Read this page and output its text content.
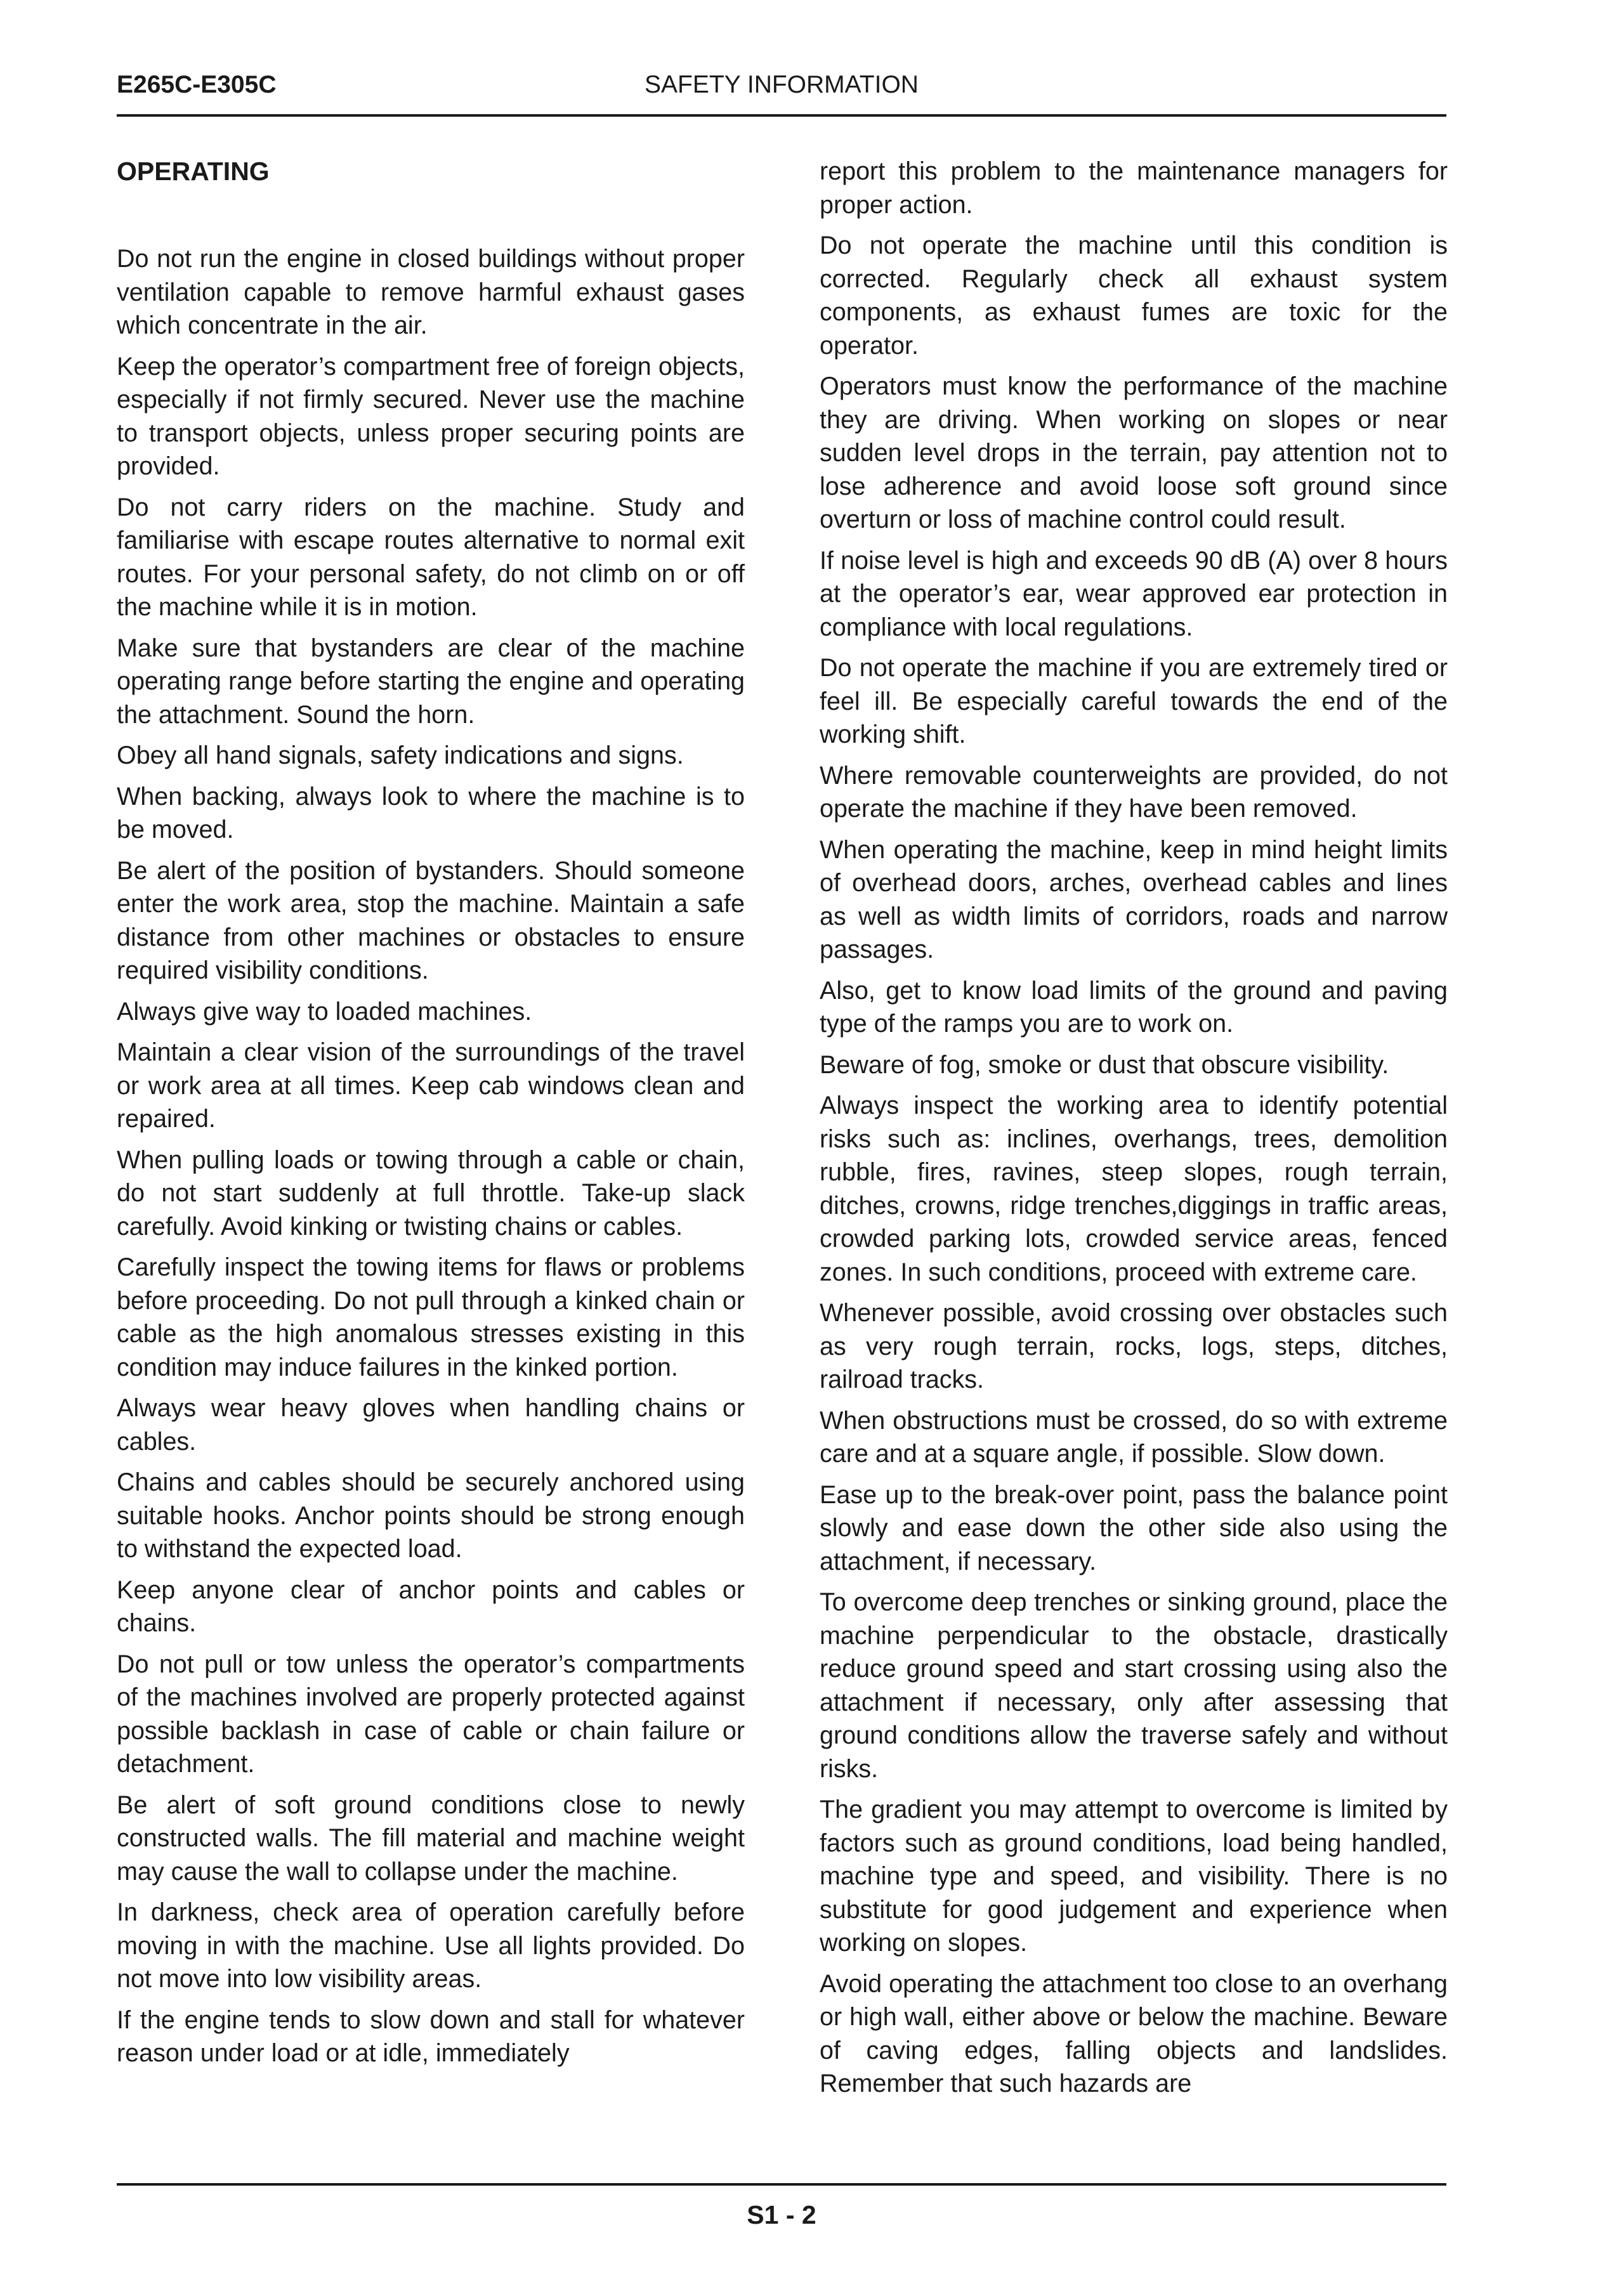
E265C-E305C	SAFETY INFORMATION
OPERATING

Do not run the engine in closed buildings without proper ventilation capable to remove harmful exhaust gases which concentrate in the air.

Keep the operator’s compartment free of foreign objects, especially if not firmly secured. Never use the machine to transport objects, unless proper securing points are provided.

Do not carry riders on the machine. Study and familiarise with escape routes alternative to normal exit routes. For your personal safety, do not climb on or off the machine while it is in motion.

Make sure that bystanders are clear of the machine operating range before starting the engine and operating the attachment. Sound the horn.

Obey all hand signals, safety indications and signs.

When backing, always look to where the machine is to be moved.

Be alert of the position of bystanders. Should someone enter the work area, stop the machine. Maintain a safe distance from other machines or obstacles to ensure required visibility conditions.

Always give way to loaded machines.

Maintain a clear vision of the surroundings of the travel or work area at all times. Keep cab windows clean and repaired.

When pulling loads or towing through a cable or chain, do not start suddenly at full throttle. Take-up slack carefully. Avoid kinking or twisting chains or cables.

Carefully inspect the towing items for flaws or problems before proceeding. Do not pull through a kinked chain or cable as the high anomalous stresses existing in this condition may induce failures in the kinked portion.

Always wear heavy gloves when handling chains or cables.

Chains and cables should be securely anchored using suitable hooks. Anchor points should be strong enough to withstand the expected load.

Keep anyone clear of anchor points and cables or chains.

Do not pull or tow unless the operator’s compartments of the machines involved are properly protected against possible backlash in case of cable or chain failure or detachment.

Be alert of soft ground conditions close to newly constructed walls. The fill material and machine weight may cause the wall to collapse under the machine.

In darkness, check area of operation carefully before moving in with the machine. Use all lights provided. Do not move into low visibility areas.

If the engine tends to slow down and stall for whatever reason under load or at idle, immediately

report this problem to the maintenance managers for proper action.

Do not operate the machine until this condition is corrected. Regularly check all exhaust system components, as exhaust fumes are toxic for the operator.

Operators must know the performance of the machine they are driving. When working on slopes or near sudden level drops in the terrain, pay attention not to lose adherence and avoid loose soft ground since overturn or loss of machine control could result.

If noise level is high and exceeds 90 dB (A) over 8 hours at the operator’s ear, wear approved ear protection in compliance with local regulations.

Do not operate the machine if you are extremely tired or feel ill. Be especially careful towards the end of the working shift.

Where removable counterweights are provided, do not operate the machine if they have been removed.

When operating the machine, keep in mind height limits of overhead doors, arches, overhead cables and lines as well as width limits of corridors, roads and narrow passages.

Also, get to know load limits of the ground and paving type of the ramps you are to work on.

Beware of fog, smoke or dust that obscure visibility.

Always inspect the working area to identify potential risks such as: inclines, overhangs, trees, demolition rubble, fires, ravines, steep slopes, rough terrain, ditches, crowns, ridge trenches,diggings in traffic areas, crowded parking lots, crowded service areas, fenced zones. In such conditions, proceed with extreme care.

Whenever possible, avoid crossing over obstacles such as very rough terrain, rocks, logs, steps, ditches, railroad tracks.

When obstructions must be crossed, do so with extreme care and at a square angle, if possible. Slow down.

Ease up to the break-over point, pass the balance point slowly and ease down the other side also using the attachment, if necessary.

To overcome deep trenches or sinking ground, place the machine perpendicular to the obstacle, drastically reduce ground speed and start crossing using also the attachment if necessary, only after assessing that ground conditions allow the traverse safely and without risks.

The gradient you may attempt to overcome is limited by factors such as ground conditions, load being handled, machine type and speed, and visibility. There is no substitute for good judgement and experience when working on slopes.

Avoid operating the attachment too close to an overhang or high wall, either above or below the machine. Beware of caving edges, falling objects and landslides. Remember that such hazards are

S1 - 2
